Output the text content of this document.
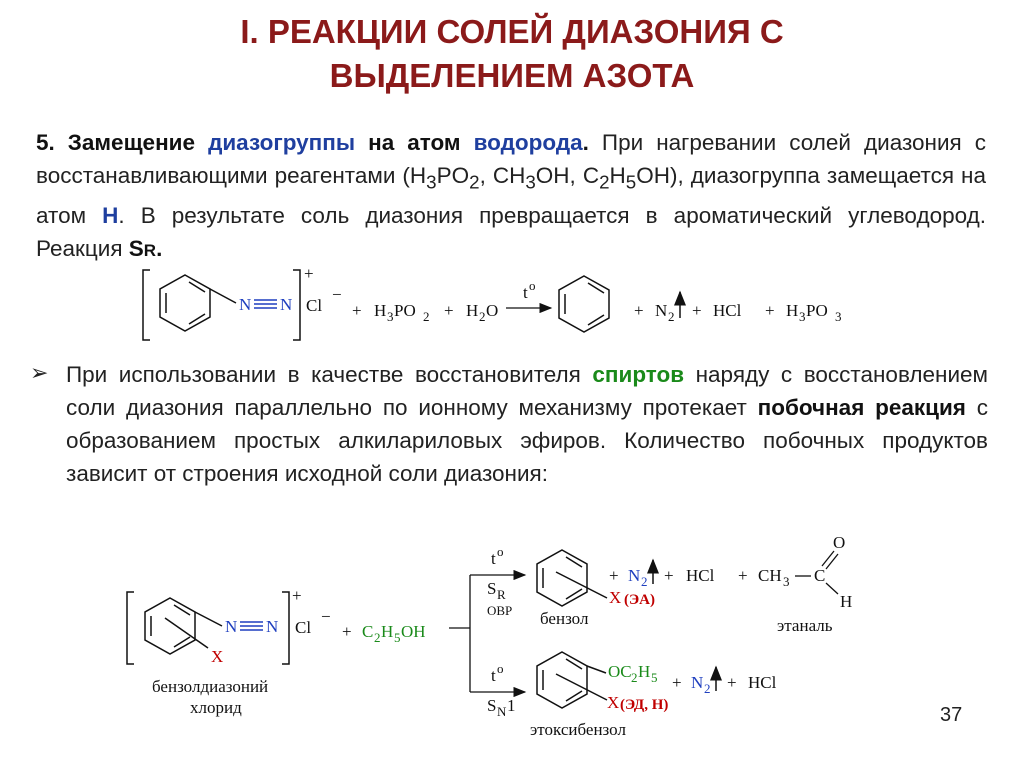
I. РЕАКЦИИ СОЛЕЙ ДИАЗОНИЯ С
ВЫДЕЛЕНИЕМ АЗОТА
5. Замещение диазогруппы на атом водорода. При нагревании солей диазония с восстанавливающими реагентами ($H_3PO_2$, $CH_3OH$, $C_2H_5OH$), диазогруппа замещается на атом H. В результате соль диазония превращается в ароматический углеводород. Реакция SR.
➢ При использовании в качестве восстановителя спиртов наряду с восстановлением соли диазония параллельно по ионному механизму протекает побочная реакция с образованием простых алкилариловых эфиров. Количество побочных продуктов зависит от строения исходной соли диазония:
N N
+
Cl
−
+ H 3 PO 2 + H 2 O
t o
+ N 2 + HCl + H 3 PO 3
X
N N
+
Cl
−
+ C 2 H 5 OH
бензолдиазоний
хлорид
t o
S R
ОВР
X (ЭА)
+ N 2 + HCl + CH 3 C
O
H
бензол	этаналь
t o
S N 1
OC 2 H 5
X (ЭД, Н)
+ N 2 + HCl
этоксибензол
37
